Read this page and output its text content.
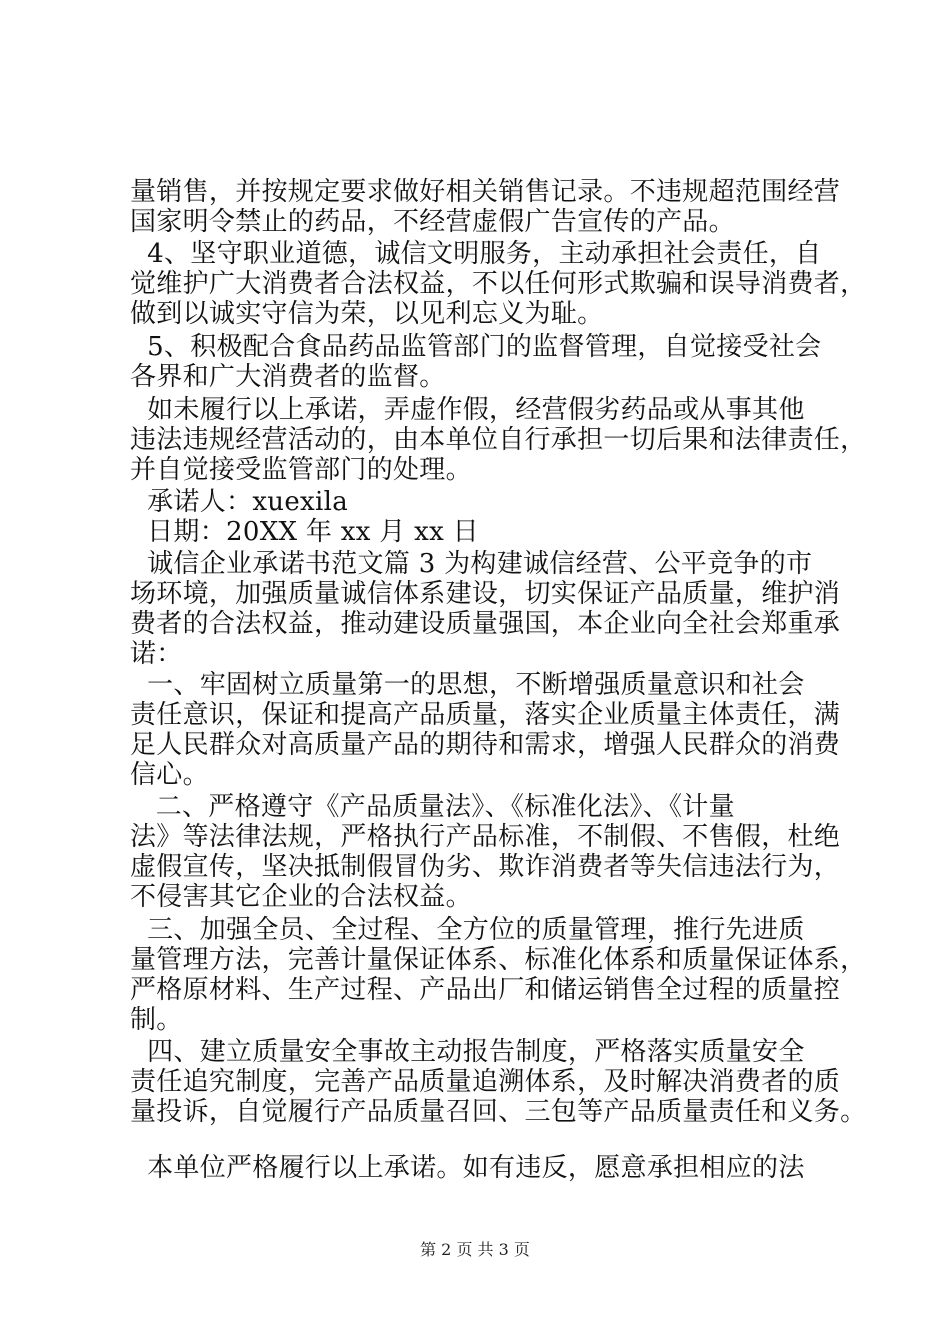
量销售，并按规定要求做好相关销售记录。不违规超范围经营
国家明令禁止的药品，不经营虚假广告宣传的产品。
4、坚守职业道德，诚信文明服务，主动承担社会责任，自
觉维护广大消费者合法权益，不以任何形式欺骗和误导消费者，
做到以诚实守信为荣，以见利忘义为耻。
5、积极配合食品药品监管部门的监督管理，自觉接受社会
各界和广大消费者的监督。
如未履行以上承诺，弄虚作假，经营假劣药品或从事其他
违法违规经营活动的，由本单位自行承担一切后果和法律责任，
并自觉接受监管部门的处理。
承诺人：xuexila
日期：20XX 年 xx 月 xx 日
诚信企业承诺书范文篇 3 为构建诚信经营、公平竞争的市
场环境，加强质量诚信体系建设，切实保证产品质量，维护消
费者的合法权益，推动建设质量强国，本企业向全社会郑重承
诺：
一、牢固树立质量第一的思想，不断增强质量意识和社会
责任意识，保证和提高产品质量，落实企业质量主体责任，满
足人民群众对高质量产品的期待和需求，增强人民群众的消费
信心。
二、严格遵守《产品质量法》、《标准化法》、《计量
法》等法律法规，严格执行产品标准，不制假、不售假，杜绝
虚假宣传，坚决抵制假冒伪劣、欺诈消费者等失信违法行为，
不侵害其它企业的合法权益。
三、加强全员、全过程、全方位的质量管理，推行先进质
量管理方法，完善计量保证体系、标准化体系和质量保证体系，
严格原材料、生产过程、产品出厂和储运销售全过程的质量控
制。
四、建立质量安全事故主动报告制度，严格落实质量安全
责任追究制度，完善产品质量追溯体系，及时解决消费者的质
量投诉，自觉履行产品质量召回、三包等产品质量责任和义务。
本单位严格履行以上承诺。如有违反，愿意承担相应的法
第 2 页 共 3 页
